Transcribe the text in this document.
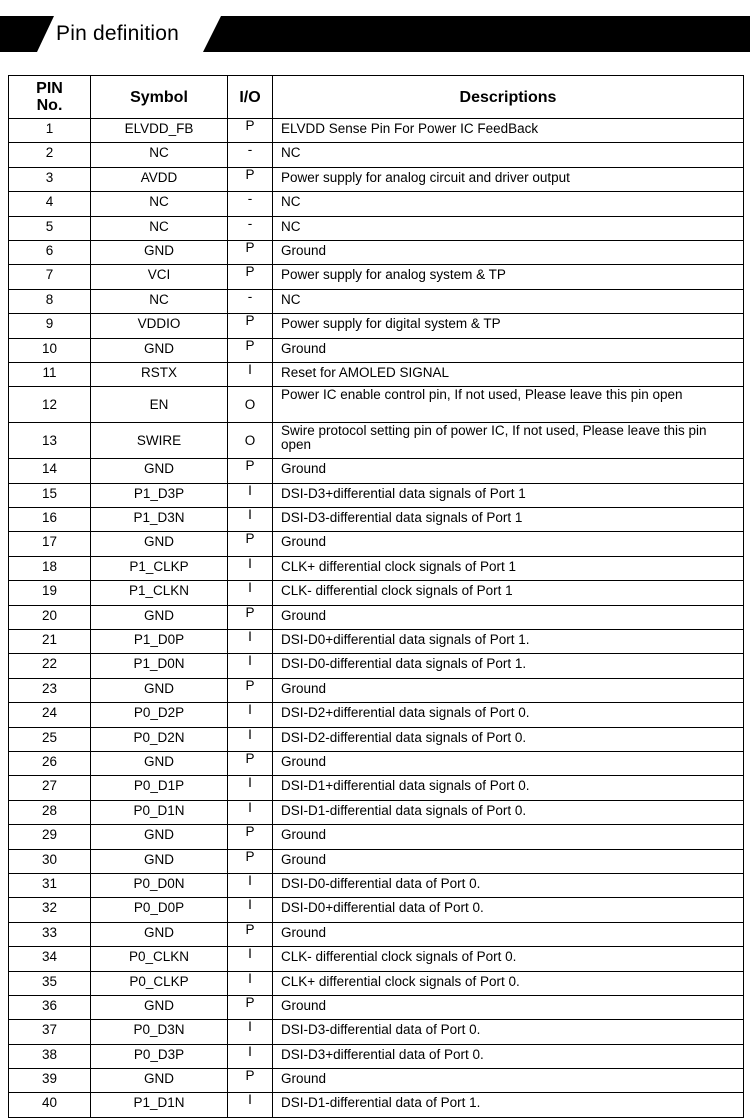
Pin definition
PIN No.	Symbol	I/O	Descriptions
1	ELVDD_FB	P	ELVDD Sense Pin For Power IC FeedBack
2	NC	-	NC
3	AVDD	P	Power supply for analog circuit and driver output
4	NC	-	NC
5	NC	-	NC
6	GND	P	Ground
7	VCI	P	Power supply for analog system & TP
8	NC	-	NC
9	VDDIO	P	Power supply for digital system & TP
10	GND	P	Ground
11	RSTX	I	Reset for AMOLED SIGNAL
12	EN	O	Power IC enable control pin, If not used, Please leave this pin open
13	SWIRE	O	Swire protocol setting pin of power IC, If not used, Please leave this pin open
14	GND	P	Ground
15	P1_D3P	I	DSI-D3+differential data signals of Port 1
16	P1_D3N	I	DSI-D3-differential data signals of Port 1
17	GND	P	Ground
18	P1_CLKP	I	CLK+ differential clock signals of Port 1
19	P1_CLKN	I	CLK- differential clock signals of Port 1
20	GND	P	Ground
21	P1_D0P	I	DSI-D0+differential data signals of Port 1.
22	P1_D0N	I	DSI-D0-differential data signals of Port 1.
23	GND	P	Ground
24	P0_D2P	I	DSI-D2+differential data signals of Port 0.
25	P0_D2N	I	DSI-D2-differential data signals of Port 0.
26	GND	P	Ground
27	P0_D1P	I	DSI-D1+differential data signals of Port 0.
28	P0_D1N	I	DSI-D1-differential data signals of Port 0.
29	GND	P	Ground
30	GND	P	Ground
31	P0_D0N	I	DSI-D0-differential data of Port 0.
32	P0_D0P	I	DSI-D0+differential data of Port 0.
33	GND	P	Ground
34	P0_CLKN	I	CLK- differential clock signals of Port 0.
35	P0_CLKP	I	CLK+ differential clock signals of Port 0.
36	GND	P	Ground
37	P0_D3N	I	DSI-D3-differential data of Port 0.
38	P0_D3P	I	DSI-D3+differential data of Port 0.
39	GND	P	Ground
40	P1_D1N	I	DSI-D1-differential data of Port 1.
